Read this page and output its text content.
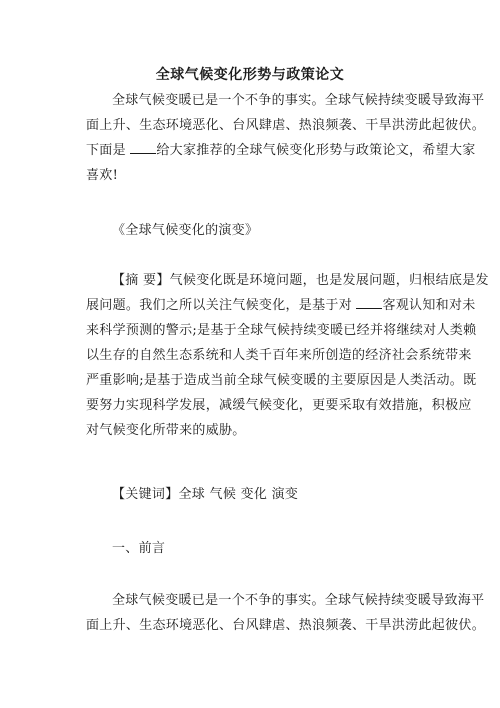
全球气候变化形势与政策论文
全球气候变暖已是一个不争的事实。全球气候持续变暖导致海平
面上升、生态环境恶化、台风肆虐、热浪频袭、干旱洪涝此起彼伏。
下面是 给大家推荐的全球气候变化形势与政策论文，希望大家
喜欢!
《全球气候变化的演变》
【摘 要】气候变化既是环境问题，也是发展问题，归根结底是发
展问题。我们之所以关注气候变化，是基于对 客观认知和对未
来科学预测的警示;是基于全球气候持续变暖已经并将继续对人类赖
以生存的自然生态系统和人类千百年来所创造的经济社会系统带来
严重影响;是基于造成当前全球气候变暖的主要原因是人类活动。既
要努力实现科学发展，减缓气候变化，更要采取有效措施，积极应
对气候变化所带来的威胁。
【关键词】全球 气候 变化 演变
一、前言
全球气候变暖已是一个不争的事实。全球气候持续变暖导致海平
面上升、生态环境恶化、台风肆虐、热浪频袭、干旱洪涝此起彼伏。
